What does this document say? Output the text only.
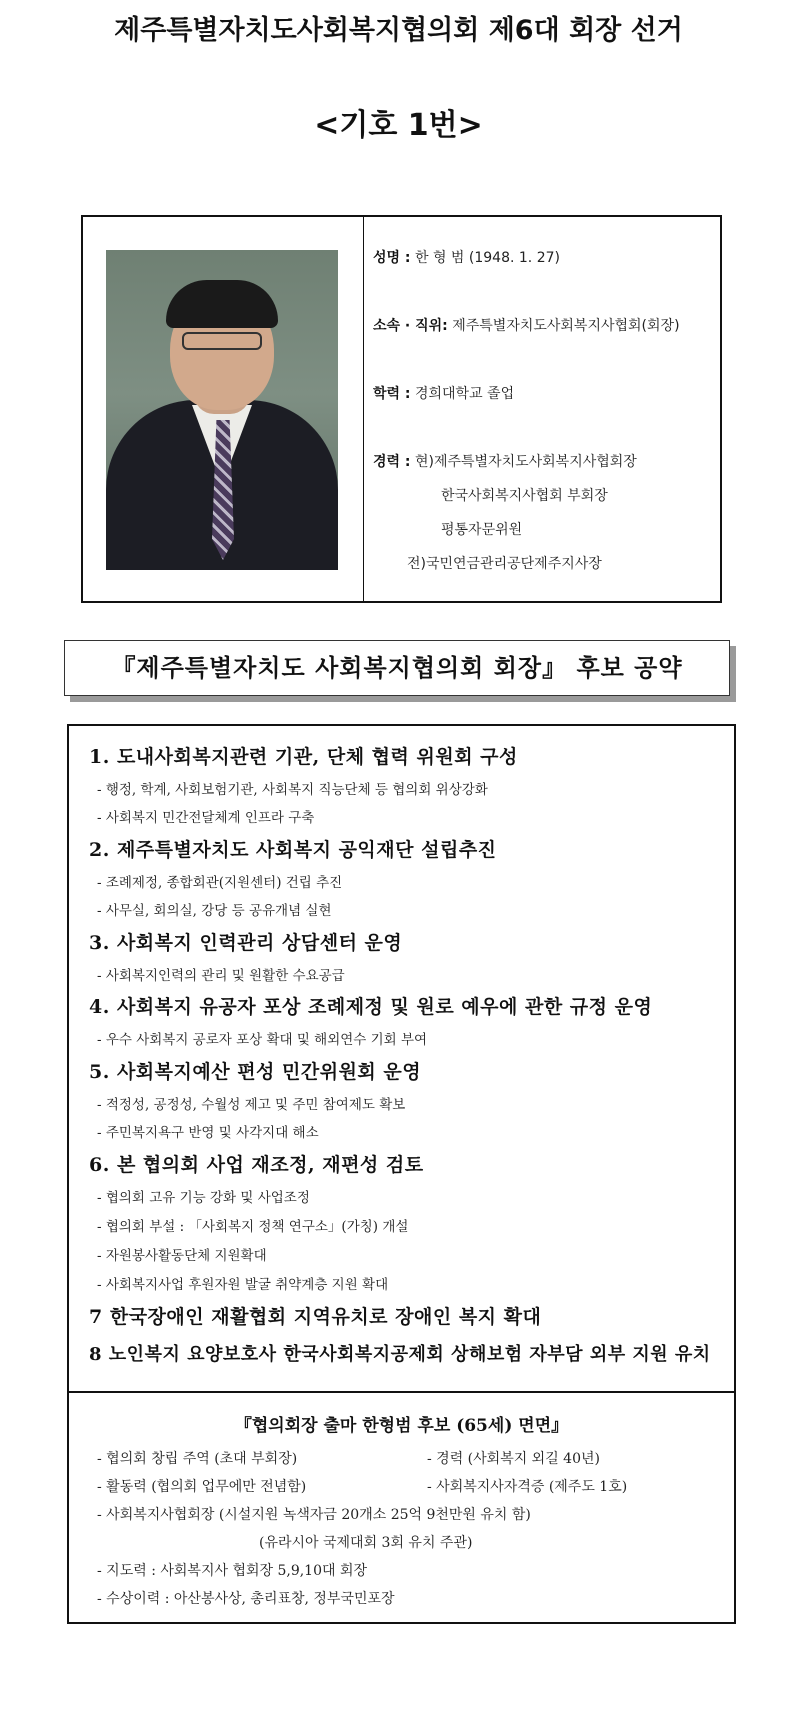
제주특별자치도사회복지협의회 제6대 회장 선거
<기호 1번>
성명 : 한 형 범 (1948. 1. 27)
소속 · 직위: 제주특별자치도사회복지사협회(회장)
학력 : 경희대학교 졸업
경력 : 현)제주특별자치도사회복지사협회장
한국사회복지사협회 부회장
평통자문위원
전)국민연금관리공단제주지사장
『제주특별자치도 사회복지협의회 회장』 후보 공약
1. 도내사회복지관련 기관, 단체 협력 위원회 구성
- 행정, 학계, 사회보험기관, 사회복지 직능단체 등 협의회 위상강화
- 사회복지 민간전달체계 인프라 구축
2. 제주특별자치도 사회복지 공익재단 설립추진
- 조례제정, 종합회관(지원센터) 건립 추진
- 사무실, 회의실, 강당 등 공유개념 실현
3. 사회복지 인력관리 상담센터 운영
- 사회복지인력의 관리 및 원활한 수요공급
4. 사회복지 유공자 포상 조례제정 및 원로 예우에 관한 규정 운영
- 우수 사회복지 공로자 포상 확대 및 해외연수 기회 부여
5. 사회복지예산 편성 민간위원회 운영
- 적정성, 공정성, 수월성 제고 및 주민 참여제도 확보
- 주민복지욕구 반영 및 사각지대 해소
6. 본 협의회 사업 재조정, 재편성 검토
- 협의회 고유 기능 강화 및 사업조정
- 협의회 부설 : 「사회복지 정책 연구소」(가칭) 개설
- 자원봉사활동단체 지원확대
- 사회복지사업 후원자원 발굴 취약계층 지원 확대
7 한국장애인 재활협회 지역유치로 장애인 복지 확대
8 노인복지 요양보호사 한국사회복지공제회 상해보험 자부담 외부 지원 유치
『협의회장 출마 한형범 후보 (65세) 면면』
- 협의회 창립 주역 (초대 부회장)	- 경력 (사회복지 외길 40년)
- 활동력 (협의회 업무에만 전념함)	- 사회복지사자격증 (제주도 1호)
- 사회복지사협회장 (시설지원 녹색자금 20개소 25억 9천만원 유치 함)
(유라시아 국제대회 3회 유치 주관)
- 지도력 : 사회복지사 협회장 5,9,10대 회장
- 수상이력 : 아산봉사상, 총리표창, 정부국민포장
